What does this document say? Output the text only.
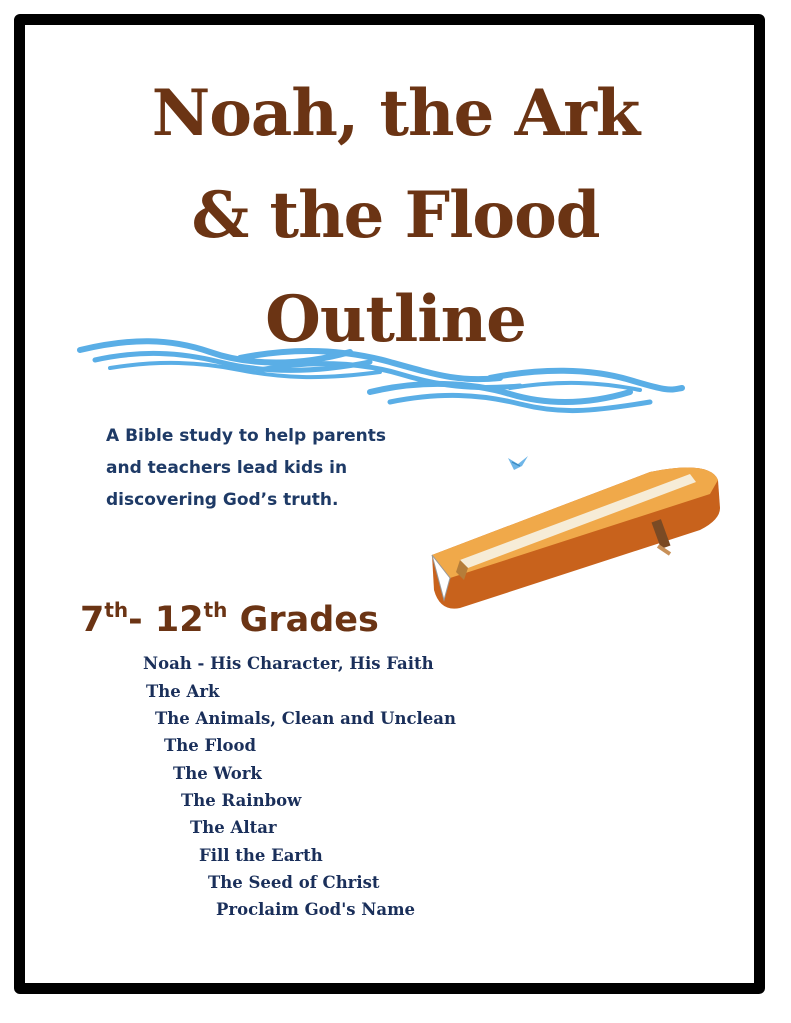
Noah, the Ark
& the Flood
Outline
A Bible study to help parents
and teachers lead kids in
discovering God’s truth.
7th- 12th Grades
Noah - His Character, His Faith
The Ark
The Animals, Clean and Unclean
The Flood
The Work
The Rainbow
The Altar
Fill the Earth
The Seed of Christ
Proclaim God's Name
